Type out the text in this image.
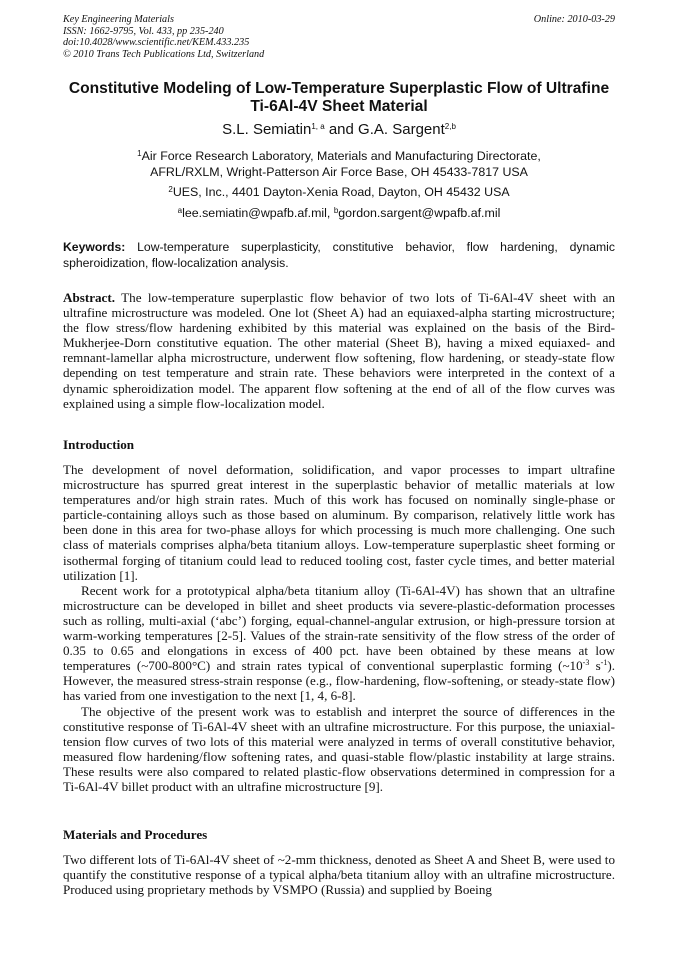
Key Engineering Materials
ISSN: 1662-9795, Vol. 433, pp 235-240
doi:10.4028/www.scientific.net/KEM.433.235
© 2010 Trans Tech Publications Ltd, Switzerland
Online: 2010-03-29
Constitutive Modeling of Low-Temperature Superplastic Flow of Ultrafine Ti-6Al-4V Sheet Material
S.L. Semiatin$^{1, a}$ and G.A. Sargent$^{2,b}$
$^1$Air Force Research Laboratory, Materials and Manufacturing Directorate,
AFRL/RXLM, Wright-Patterson Air Force Base, OH 45433-7817 USA
$^2$UES, Inc., 4401 Dayton-Xenia Road, Dayton, OH 45432 USA
$^a$lee.semiatin@wpafb.af.mil, $^b$gordon.sargent@wpafb.af.mil
Keywords: Low-temperature superplasticity, constitutive behavior, flow hardening, dynamic spheroidization, flow-localization analysis.
Abstract. The low-temperature superplastic flow behavior of two lots of Ti-6Al-4V sheet with an ultrafine microstructure was modeled. One lot (Sheet A) had an equiaxed-alpha starting microstructure; the flow stress/flow hardening exhibited by this material was explained on the basis of the Bird-Mukherjee-Dorn constitutive equation. The other material (Sheet B), having a mixed equiaxed- and remnant-lamellar alpha microstructure, underwent flow softening, flow hardening, or steady-state flow depending on test temperature and strain rate. These behaviors were interpreted in the context of a dynamic spheroidization model. The apparent flow softening at the end of all of the flow curves was explained using a simple flow-localization model.
Introduction

The development of novel deformation, solidification, and vapor processes to impart ultrafine microstructure has spurred great interest in the superplastic behavior of metallic materials at low temperatures and/or high strain rates. Much of this work has focused on nominally single-phase or particle-containing alloys such as those based on aluminum. By comparison, relatively little work has been done in this area for two-phase alloys for which processing is much more challenging. One such class of materials comprises alpha/beta titanium alloys. Low-temperature superplastic sheet forming or isothermal forging of titanium could lead to reduced tooling cost, faster cycle times, and better material utilization [1].

Recent work for a prototypical alpha/beta titanium alloy (Ti-6Al-4V) has shown that an ultrafine microstructure can be developed in billet and sheet products via severe-plastic-deformation processes such as rolling, multi-axial (‘abc’) forging, equal-channel-angular extrusion, or high-pressure torsion at warm-working temperatures [2-5]. Values of the strain-rate sensitivity of the flow stress of the order of 0.35 to 0.65 and elongations in excess of 400 pct. have been obtained by these means at low temperatures (~700-800°C) and strain rates typical of conventional superplastic forming ($\sim 10^{-3}$ $s^{-1}$). However, the measured stress-strain response (e.g., flow-hardening, flow-softening, or steady-state flow) has varied from one investigation to the next [1, 4, 6-8].

The objective of the present work was to establish and interpret the source of differences in the constitutive response of Ti-6Al-4V sheet with an ultrafine microstructure. For this purpose, the uniaxial-tension flow curves of two lots of this material were analyzed in terms of overall constitutive behavior, measured flow hardening/flow softening rates, and quasi-stable flow/plastic instability at large strains. These results were also compared to related plastic-flow observations determined in compression for a Ti-6Al-4V billet product with an ultrafine microstructure [9].

Materials and Procedures

Two different lots of Ti-6Al-4V sheet of ~2-mm thickness, denoted as Sheet A and Sheet B, were used to quantify the constitutive response of a typical alpha/beta titanium alloy with an ultrafine microstructure. Produced using proprietary methods by VSMPO (Russia) and supplied by Boeing
